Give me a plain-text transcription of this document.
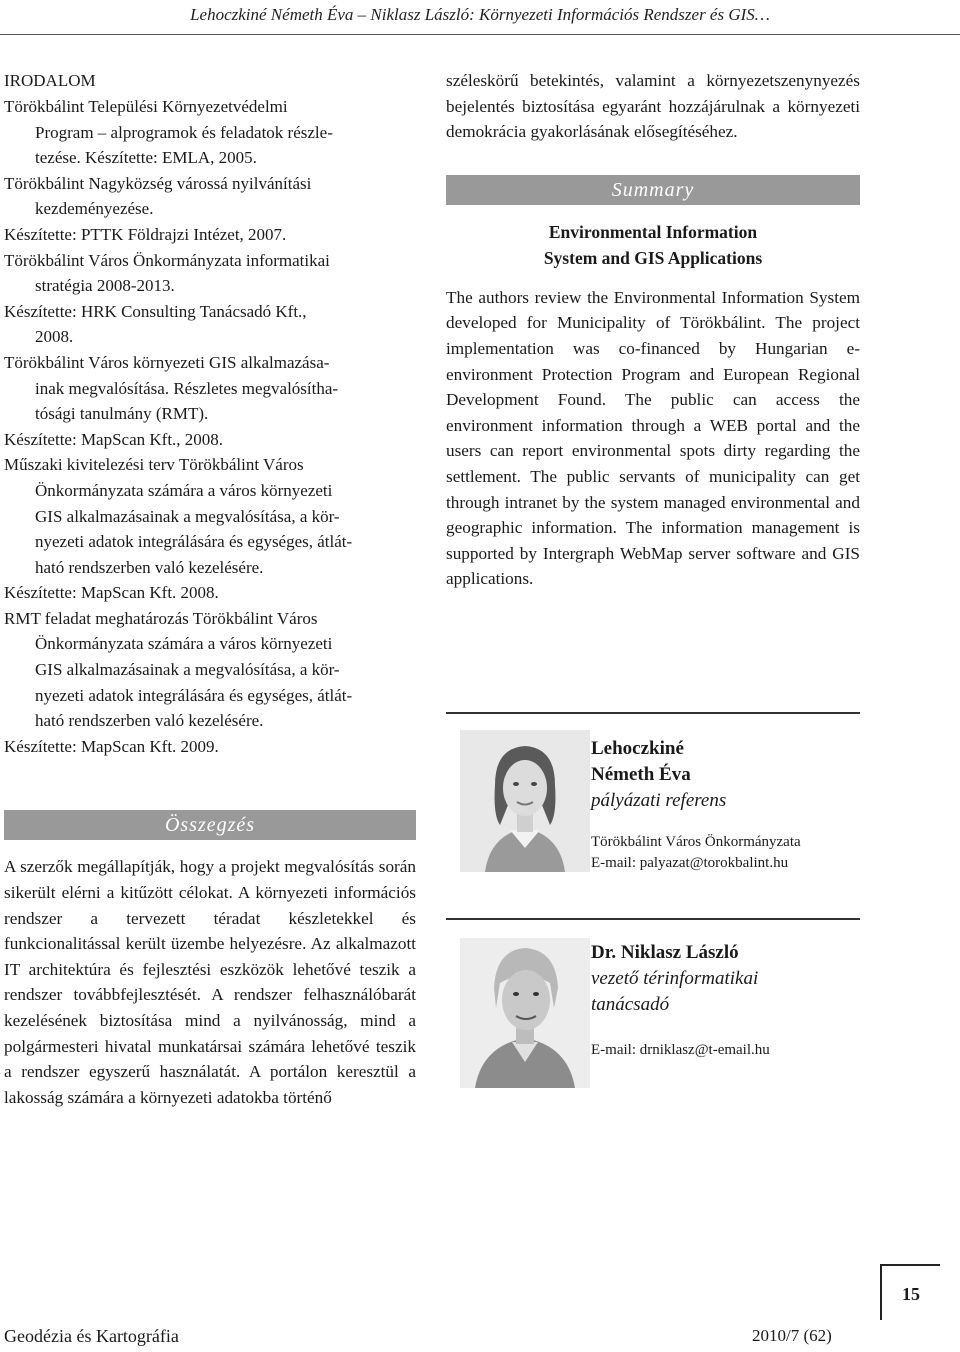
Lehoczkiné Németh Éva – Niklasz László: Környezeti Információs Rendszer és GIS…
IRODALOM
Törökbálint Települési Környezetvédelmi
Program – alprogramok és feladatok részle-
tezése. Készítette: EMLA, 2005.
Törökbálint Nagyközség várossá nyilvánítási
kezdeményezése.
Készítette: PTTK Földrajzi Intézet, 2007.
Törökbálint Város Önkormányzata informatikai
stratégia 2008-2013.
Készítette: HRK Consulting Tanácsadó Kft.,
2008.
Törökbálint Város környezeti GIS alkalmazása-
inak megvalósítása. Részletes megvalósítha-
tósági tanulmány (RMT).
Készítette: MapScan Kft., 2008.
Műszaki kivitelezési terv Törökbálint Város
Önkormányzata számára a város környezeti
GIS alkalmazásainak a megvalósítása, a kör-
nyezeti adatok integrálására és egységes, átlát-
ható rendszerben való kezelésére.
Készítette: MapScan Kft. 2008.
RMT feladat meghatározás Törökbálint Város
Önkormányzata számára a város környezeti
GIS alkalmazásainak a megvalósítása, a kör-
nyezeti adatok integrálására és egységes, átlát-
ható rendszerben való kezelésére.
Készítette: MapScan Kft. 2009.
Összegzés
A szerzők megállapítják, hogy a projekt megvalósítás során sikerült elérni a kitűzött célokat. A környezeti információs rendszer a tervezett téradat készletekkel és funkcionalitással került üzembe helyezésre. Az alkalmazott IT architektúra és fejlesztési eszközök lehetővé teszik a rendszer továbbfejlesztését. A rendszer felhasználóbarát kezelésének biztosítása mind a nyilvánosság, mind a polgármesteri hivatal munkatársai számára lehetővé teszik a rendszer egyszerű használatát. A portálon keresztül a lakosság számára a környezeti adatokba történő
széleskörű betekintés, valamint a környezetszenynyezés bejelentés biztosítása egyaránt hozzájárulnak a környezeti demokrácia gyakorlásának elősegítéséhez.
Summary
Environmental Information
System and GIS Applications
The authors review the Environmental Information System developed for Municipality of Törökbálint. The project implementation was co-financed by Hungarian e-environment Protection Program and European Regional Development Found. The public can access the environment information through a WEB portal and the users can report environmental spots dirty regarding the settlement. The public servants of municipality can get through intranet by the system managed environmental and geographic information. The information management is supported by Intergraph WebMap server software and GIS applications.
Lehoczkiné
Németh Éva
pályázati referens
Törökbálint Város Önkormányzata
E-mail: palyazat@torokbalint.hu
Dr. Niklasz László
vezető térinformatikai
tanácsadó
E-mail: drniklasz@t-email.hu
15
Geodézia és Kartográfia	2010/7 (62)
